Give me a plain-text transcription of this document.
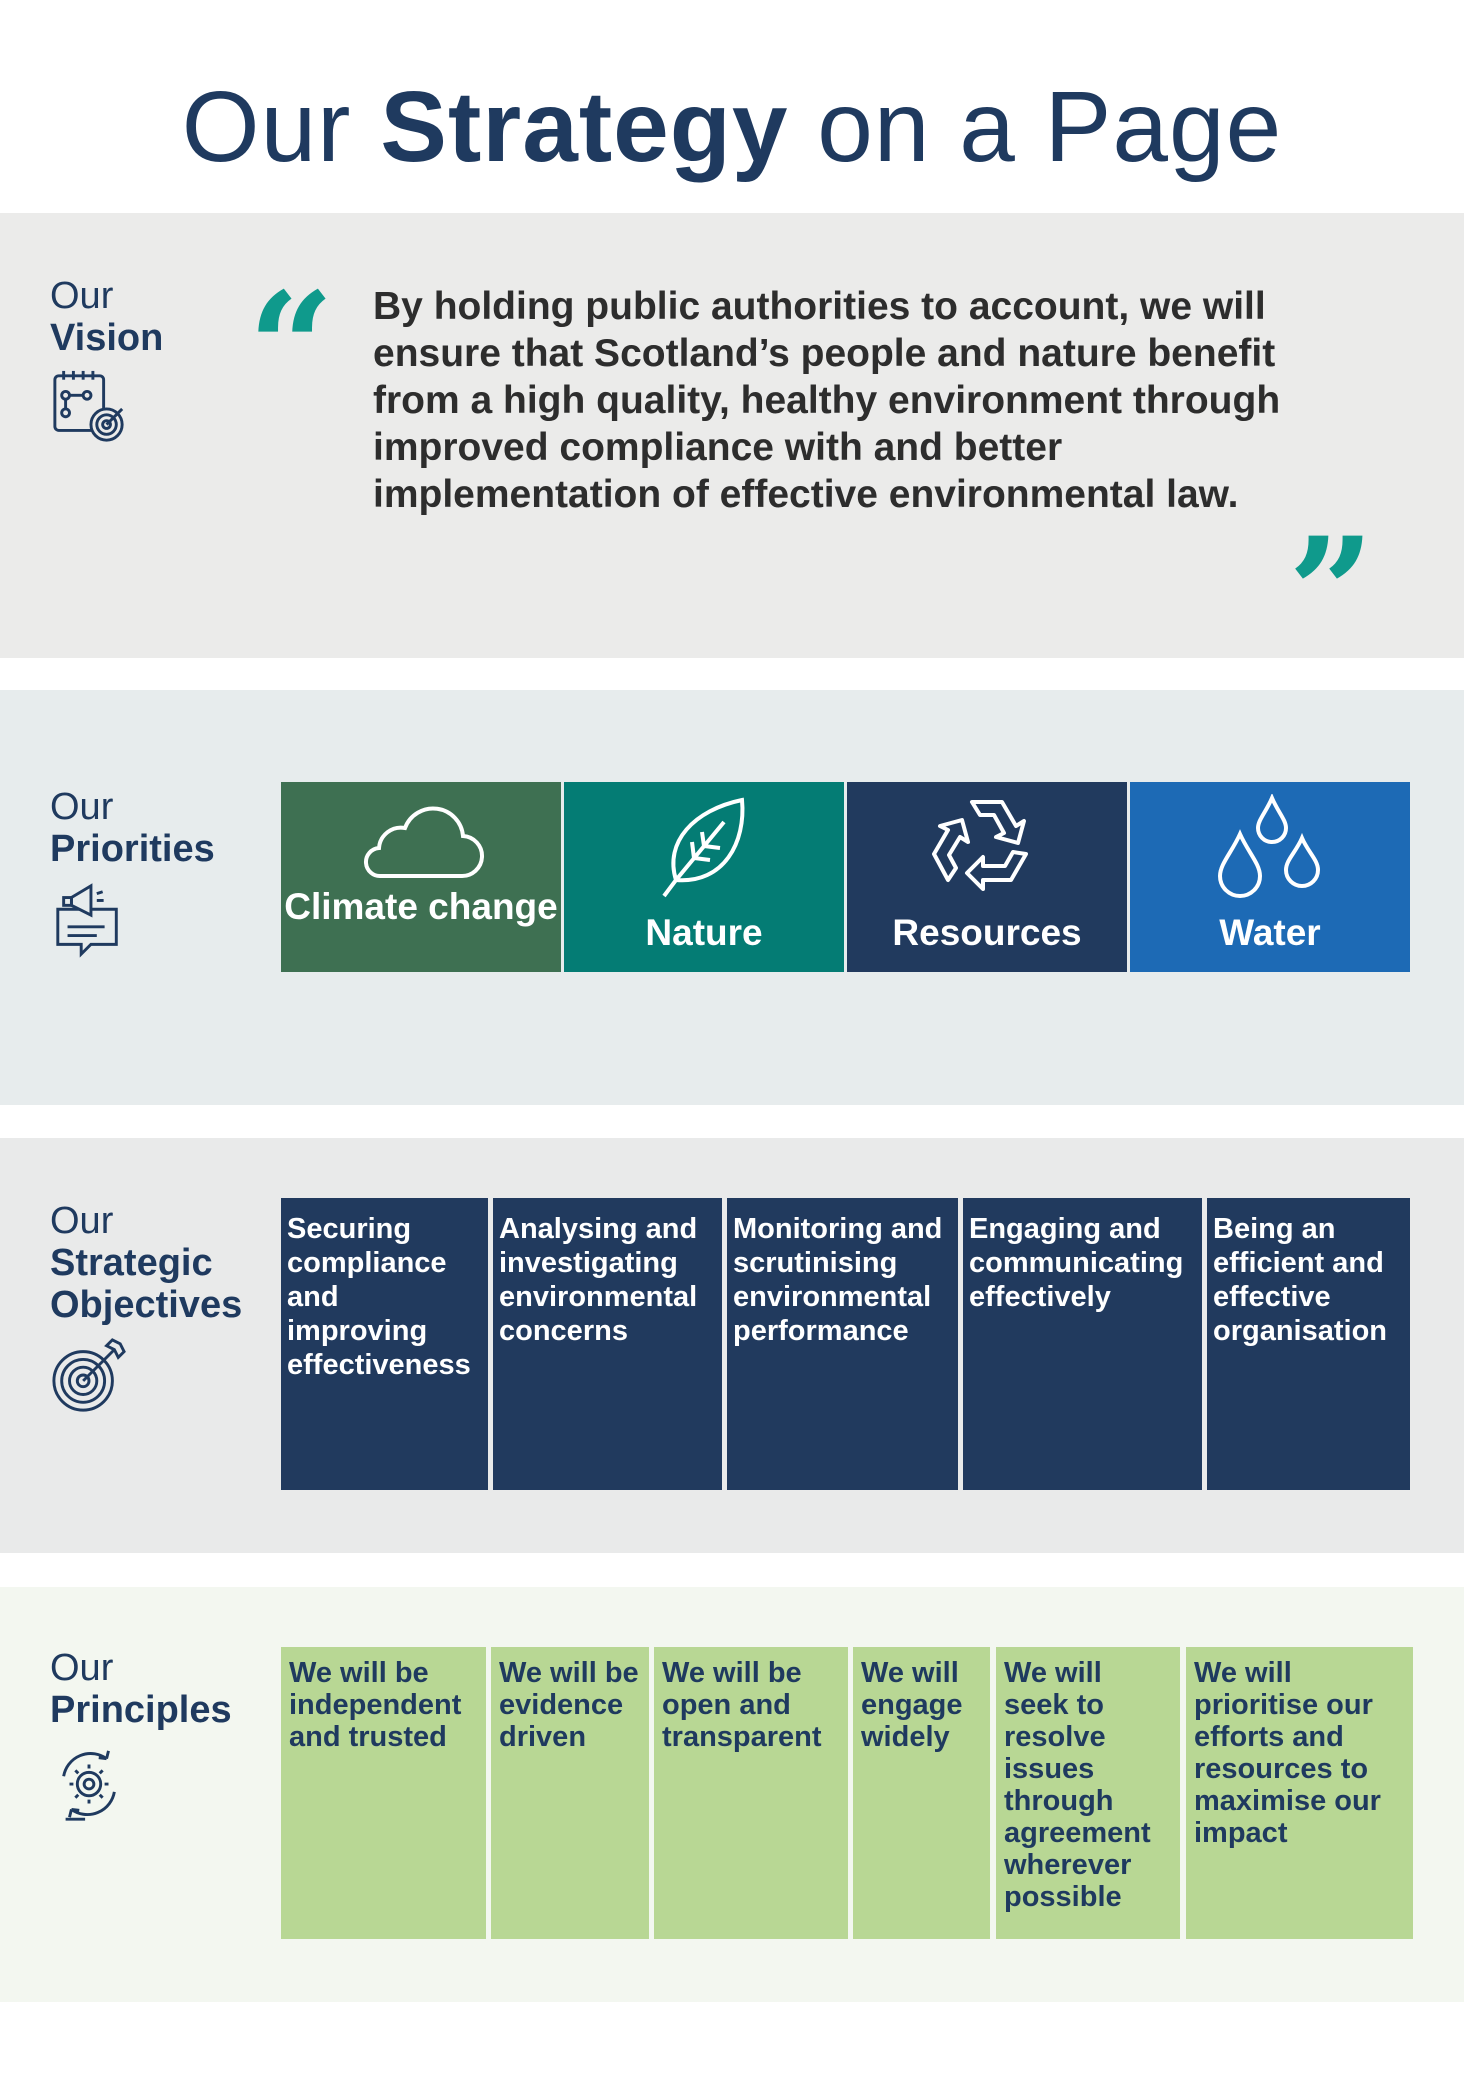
Our Strategy on a Page
Our
Vision “ By holding public authorities to account, we will ensure that Scotland’s people and nature benefit from a high quality, healthy environment through improved compliance with and better implementation of effective environmental law.
”
Our
Priorities
Climate change
Nature	Resources	Water
Our
Strategic
Objectives
Securing compliance and improving effectiveness
Analysing and investigating environmental concerns
Monitoring and scrutinising environmental performance
Engaging and communicating effectively
Being an efficient and effective organisation
Our
Principles
We will be independent and trusted
We will be evidence driven
We will be open and transparent
We will engage widely
We will seek to resolve issues through agreement wherever possible
We will prioritise our efforts and resources to maximise our impact
